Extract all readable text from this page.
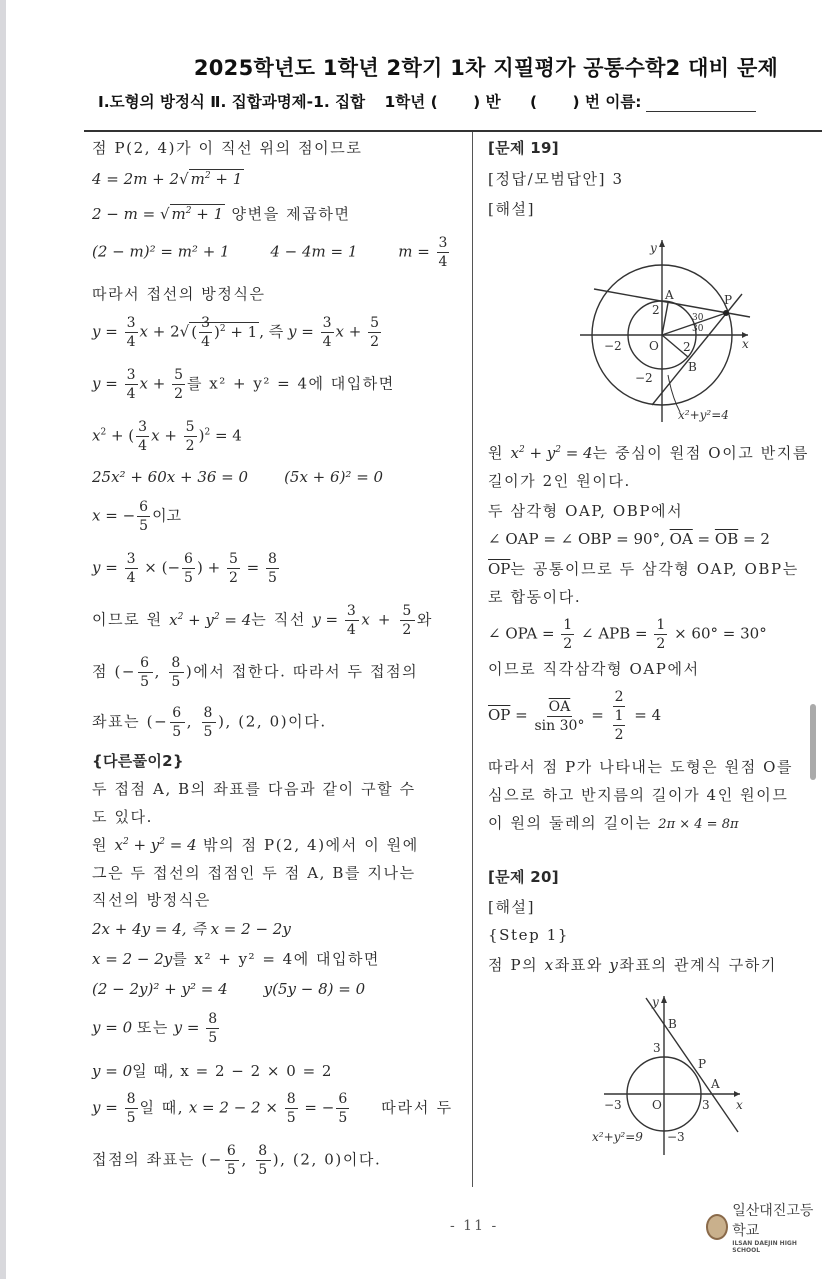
2025학년도 1학년 2학기 1차 지필평가 공통수학2 대비 문제
Ⅰ.도형의 방정식 Ⅱ. 집합과명제-1. 집합 1학년 ( ) 반 ( ) 번 이름:
점 P(2, 4)가 이 직선 위의 점이므로
4 = 2m + 2√ $m^2 + 1$
2 − m = √ $m^2 + 1$ 양변을 제곱하면
(2 − m)² = m² + 1	4 − 4m = 1	$m = \frac{3}{4}$
따라서 접선의 방정식은
$y = \frac{3}{4}$ x + 2√ ( $\frac{3}{4} )^2 + 1$ , 즉 $y = \frac{3}{4}$ $x + \frac{5}{2}$
$y = \frac{3}{4}$ $x + \frac{5}{2}$ 를 x² + y² = 4에 대입하면
$x^2$ + ( $\frac{3}{4}$ $x + \frac{5}{2} )^2 = 4$
25x² + 60x + 36 = 0 (5x + 6)² = 0
x = − $\frac{6}{5}$ 이고
$y = \frac{3}{4}$ × (− $\frac{6}{5}$ ) + $\frac{5}{2} = \frac{8}{5}$
이므로 원 $x^2 + y^2 = 4$는 직선 $y = \frac{3}{4}$ $x + \frac{5}{2}$ 와
점 (− $\frac{6}{5}$ , $\frac{8}{5}$ )에서 접한다. 따라서 두 접점의
좌표는 (− $\frac{6}{5}$ , $\frac{8}{5}$ ), (2, 0)이다.
{다른풀이2}
두 접점 A, B의 좌표를 다음과 같이 구할 수
도 있다.
원 $x^2 + y^2 = 4$ 밖의 점 P(2, 4)에서 이 원에
그은 두 접선의 접점인 두 점 A, B를 지나는
직선의 방정식은
2x + 4y = 4, 즉 x = 2 − 2y
x = 2 − 2y를 x² + y² = 4에 대입하면
(2 − 2y)² + y² = 4 y(5y − 8) = 0
y = 0 또는 $y = \frac{8}{5}$
y = 0일 때, x = 2 − 2 × 0 = 2
$y = \frac{8}{5}$ 일 때, $x = 2 - 2 \times \frac{8}{5}$ = − $\frac{6}{5}$ 따라서 두
접점의 좌표는 (− $\frac{6}{5}$ , $\frac{8}{5}$ ), (2, 0)이다.
[문제 19]
[정답/모범답안] 3
[해설]
y
x
O
A
B
P
2
−2	2
−2
30
30
x²+y²=4
원 $x^2 + y^2 = 4$는 중심이 원점 O이고 반지름
길이가 2인 원이다.
두 삼각형 OAP, OBP에서
∠ OAP = ∠ OBP = 90°, $\overline{OA} = \overline{OB} = 2$
$\overline{OP}$는 공통이므로 두 삼각형 OAP, OBP는
로 합동이다.
∠ OPA = $\frac{1}{2}$ ∠ APB = $\frac{1}{2} \times 60^\circ = 30^\circ$
이므로 직각삼각형 OAP에서
$\overline{OP} = \frac{\overline{OA}}{\sin 30^\circ} = \frac{2}{\frac{1}{2}} = 4$
따라서 점 P가 나타내는 도형은 원점 O를
심으로 하고 반지름의 길이가 4인 원이므
이 원의 둘레의 길이는 2π × 4 = 8π
[문제 20]
[해설]
{Step 1}
점 P의 x좌표와 y좌표의 관계식 구하기
y
x
O
B
P
A
3
−3	3
−3
x²+y²=9
- 11 -
일산대진고등학교
ILSAN DAEJIN HIGH SCHOOL
